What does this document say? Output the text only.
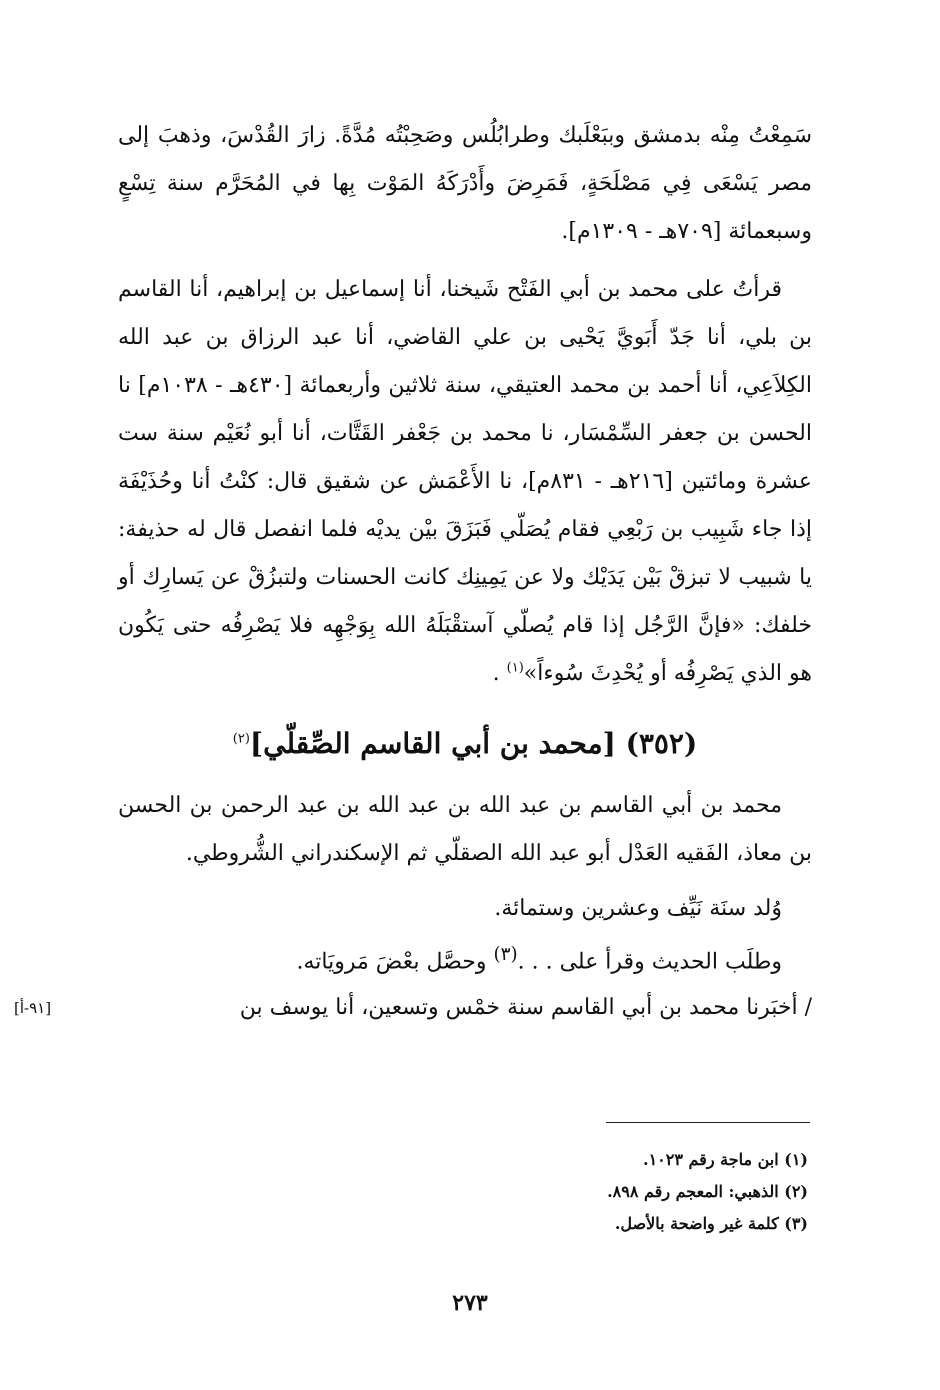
سَمِعْتُ مِنْه بدمشق وببَعْلَبك وطرابُلُس وصَحِبْتُه مُدَّةً. زارَ القُدْسَ، وذهبَ إلى مصر يَسْعَى فِي مَصْلَحَةٍ، فَمَرِضَ وأَدْرَكَهُ المَوْت بِها في المُحَرَّم سنة تِسْعٍ وسبعمائة [٧٠٩هـ - ١٣٠٩م].

قرأتُ على محمد بن أبي الفَتْح شَيخنا، أنا إسماعيل بن إبراهيم، أنا القاسم بن بلي، أنا جَدّ أَبَويَّ يَحْيى بن علي القاضي، أنا عبد الرزاق بن عبد الله الكِلاَعِي، أنا أحمد بن محمد العتيقي، سنة ثلاثين وأربعمائة [٤٣٠هـ - ١٠٣٨م] نا الحسن بن جعفر السِّمْسَار، نا محمد بن جَعْفر القَتَّات، أنا أبو نُعَيْم سنة ست عشرة ومائتين [٢١٦هـ - ٨٣١م]، نا الأَعْمَش عن شقيق قال: كنْتُ أنا وحُذَيْفَة إذا جاء شَبِيب بن رَبْعِي فقام يُصَلّي فَبَزَقَ بيْن يديْه فلما انفصل قال له حذيفة: يا شبيب لا تبزقْ بَيْن يَدَيْك ولا عن يَمِينِك كانت الحسنات ولتبزُقْ عن يَسارِك أو خلفك: «فإنَّ الرَّجُل إذا قام يُصلّي آستقْبَلَهُ الله بِوَجْهِه فلا يَصْرِفُه حتى يَكُون هو الذي يَصْرِفُه أو يُحْدِثَ سُوءاً»$^{(١)}$ .

(٣٥٢) [محمد بن أبي القاسم الصِّقلّي]$^{(٢)}$

محمد بن أبي القاسم بن عبد الله بن عبد الله بن عبد الرحمن بن الحسن بن معاذ، الفَقيه العَدْل أبو عبد الله الصقلّي ثم الإسكندراني الشُّروطي.

وُلد سنَة نَيِّف وعشرين وستمائة.

وطلَب الحديث وقرأ على . . .$^{(٣)}$ وحصَّل بعْضَ مَرويَاته.

/ أخبَرنا محمد بن أبي القاسم سنة خمْس وتسعين، أنا يوسف بن
[٩١-أ]

(١) ابن ماجة رقم ١٠٢٣.

(٢) الذهبي: المعجم رقم ٨٩٨.

(٣) كلمة غير واضحة بالأصل.

٢٧٣
